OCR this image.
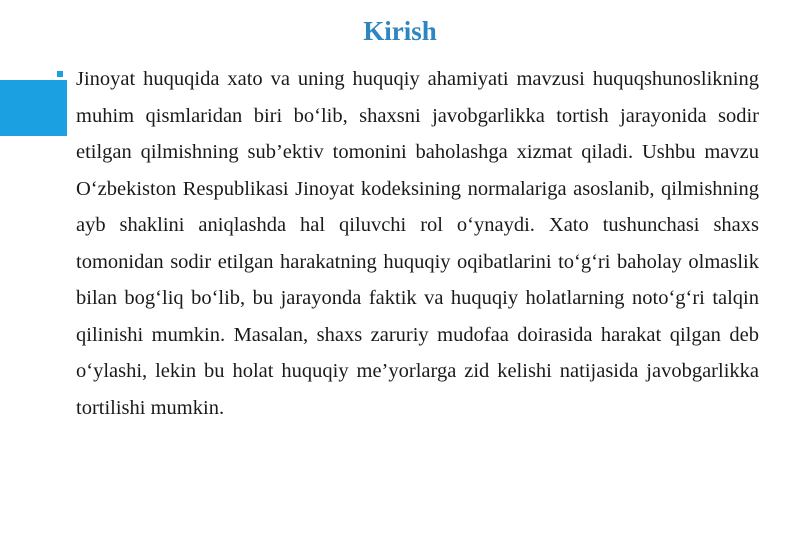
Kirish

Jinoyat huquqida xato va uning huquqiy ahamiyati mavzusi huquqshunoslikning muhim qismlaridan biri bo‘lib, shaxsni javobgarlikka tortish jarayonida sodir etilgan qilmishning sub’ektiv tomonini baholashga xizmat qiladi. Ushbu mavzu O‘zbekiston Respublikasi Jinoyat kodeksining normalariga asoslanib, qilmishning ayb shaklini aniqlashda hal qiluvchi rol o‘ynaydi. Xato tushunchasi shaxs tomonidan sodir etilgan harakatning huquqiy oqibatlarini to‘g‘ri baholay olmaslik bilan bog‘liq bo‘lib, bu jarayonda faktik va huquqiy holatlarning noto‘g‘ri talqin qilinishi mumkin. Masalan, shaxs zaruriy mudofaa doirasida harakat qilgan deb o‘ylashi, lekin bu holat huquqiy me’yorlarga zid kelishi natijasida javobgarlikka tortilishi mumkin.
